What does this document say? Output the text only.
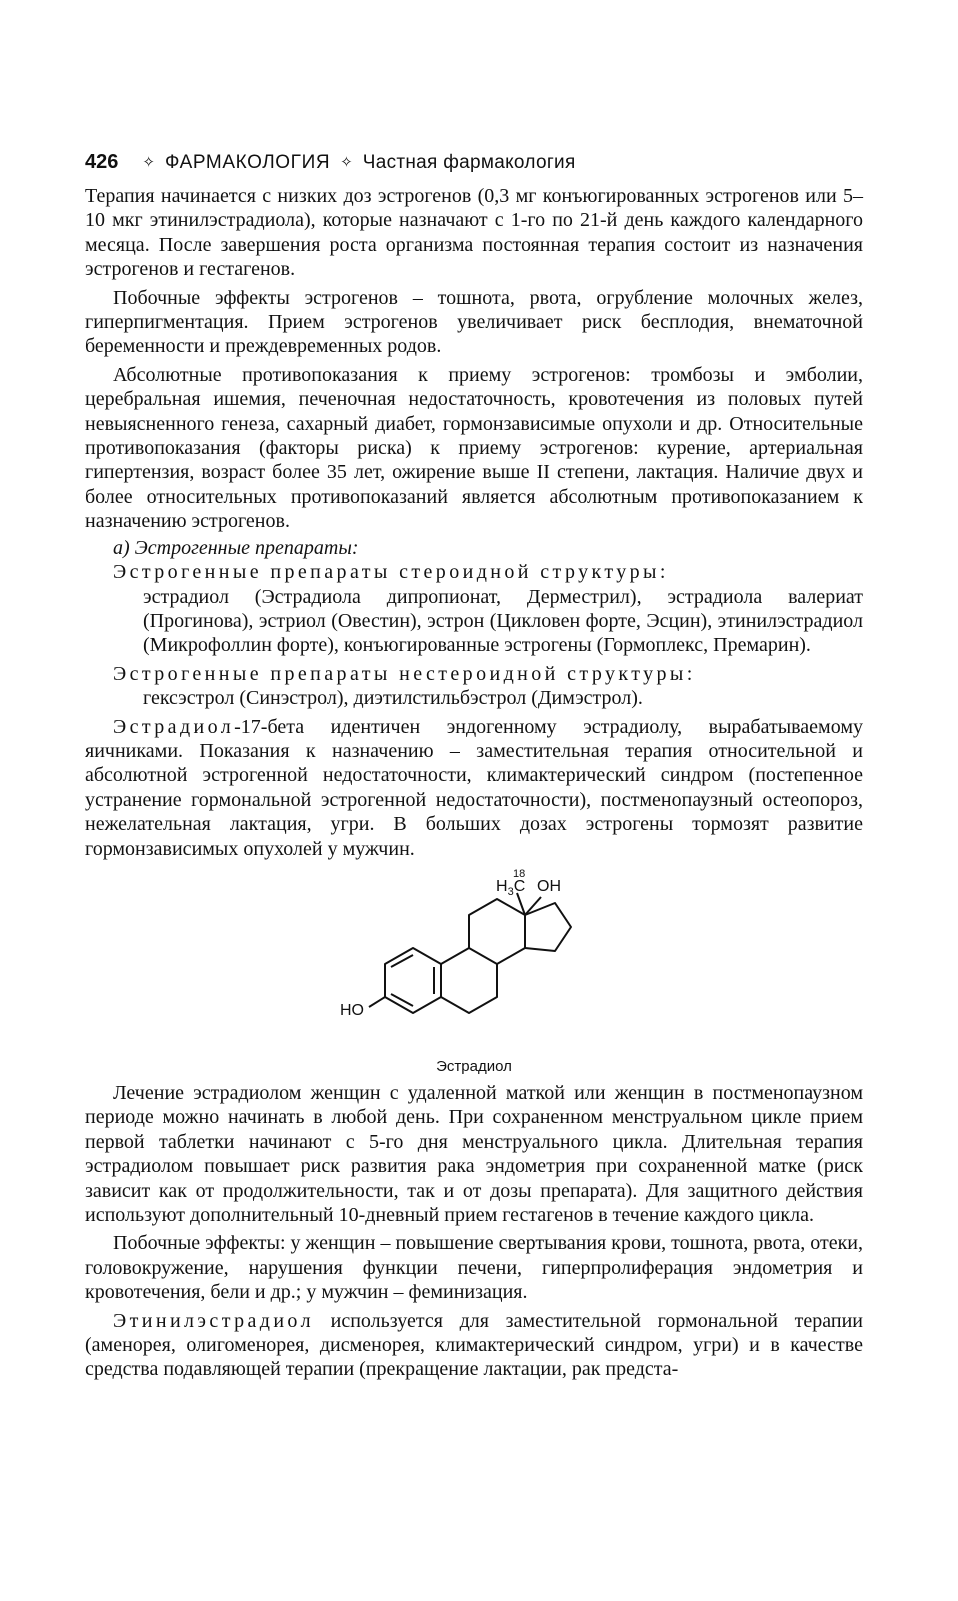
426 ✧ ФАРМАКОЛОГИЯ ✧ Частная фармакология

Терапия начинается с низких доз эстрогенов (0,3 мг конъюгированных эстрогенов или 5–10 мкг этинилэстрадиола), которые назначают с 1-го по 21-й день каждого календарного месяца. После завершения роста организма постоянная терапия состоит из назначения эстрогенов и гестагенов.

Побочные эффекты эстрогенов – тошнота, рвота, огрубление молочных желез, гиперпигментация. Прием эстрогенов увеличивает риск бесплодия, внематочной беременности и преждевременных родов.

Абсолютные противопоказания к приему эстрогенов: тромбозы и эмболии, церебральная ишемия, печеночная недостаточность, кровотечения из половых путей невыясненного генеза, сахарный диабет, гормонзависимые опухоли и др. Относительные противопоказания (факторы риска) к приему эстрогенов: курение, артериальная гипертензия, возраст более 35 лет, ожирение выше II степени, лактация. Наличие двух и более относительных противопоказаний является абсолютным противопоказанием к назначению эстрогенов.

а) Эстрогенные препараты:

Эстрогенные препараты стероидной структуры:

эстрадиол (Эстрадиола дипропионат, Дерместрил), эстрадиола валериат (Прогинова), эстриол (Овестин), эстрон (Цикловен форте, Эсцин), этинилэстрадиол (Микрофоллин форте), конъюгированные эстрогены (Гормоплекс, Премарин).

Эстрогенные препараты нестероидной структуры:

гексэстрол (Синэстрол), диэтилстильбэстрол (Димэстрол).

Эстрадиол-17-бета идентичен эндогенному эстрадиолу, вырабатываемому яичниками. Показания к назначению – заместительная терапия относительной и абсолютной эстрогенной недостаточности, климактерический синдром (постепенное устранение гормональной эстрогенной недостаточности), постменопаузный остеопороз, нежелательная лактация, угри. В больших дозах эстрогены тормозят развитие гормонзависимых опухолей у мужчин.

18
$H_3C$ OH
HO
Эстрадиол

Лечение эстрадиолом женщин с удаленной маткой или женщин в постменопаузном периоде можно начинать в любой день. При сохраненном менструальном цикле прием первой таблетки начинают с 5-го дня менструального цикла. Длительная терапия эстрадиолом повышает риск развития рака эндометрия при сохраненной матке (риск зависит как от продолжительности, так и от дозы препарата). Для защитного действия используют дополнительный 10-дневный прием гестагенов в течение каждого цикла.

Побочные эффекты: у женщин – повышение свертывания крови, тошнота, рвота, отеки, головокружение, нарушения функции печени, гиперпролиферация эндометрия и кровотечения, бели и др.; у мужчин – феминизация.

Этинилэстрадиол используется для заместительной гормональной терапии (аменорея, олигоменорея, дисменорея, климактерический синдром, угри) и в качестве средства подавляющей терапии (прекращение лактации, рак предста-
